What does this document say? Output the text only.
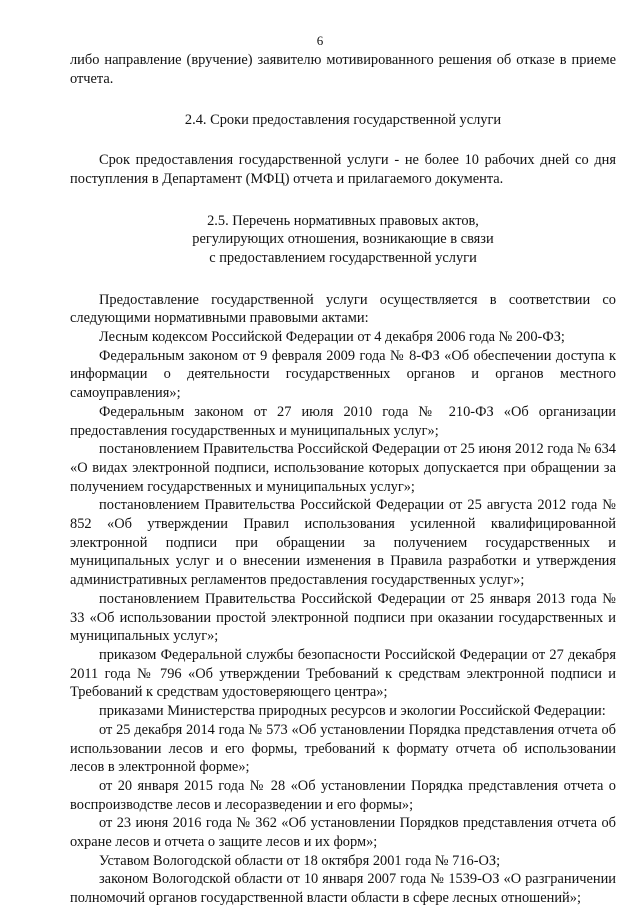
6

либо направление (вручение) заявителю мотивированного решения об отказе в приеме отчета.

2.4. Сроки предоставления государственной услуги

Срок предоставления государственной услуги - не более 10 рабочих дней со дня поступления в Департамент (МФЦ) отчета и прилагаемого документа.

2.5. Перечень нормативных правовых актов,

регулирующих отношения, возникающие в связи

с предоставлением государственной услуги

Предоставление государственной услуги осуществляется в соответствии со следующими нормативными правовыми актами:

Лесным кодексом Российской Федерации от 4 декабря 2006 года № 200-ФЗ;

Федеральным законом от 9 февраля 2009 года № 8-ФЗ «Об обеспечении доступа к информации о деятельности государственных органов и органов местного самоуправления»;

Федеральным законом от 27 июля 2010 года № 210-ФЗ «Об организации предоставления государственных и муниципальных услуг»;

постановлением Правительства Российской Федерации от 25 июня 2012 года № 634 «О видах электронной подписи, использование которых допускается при обращении за получением государственных и муниципальных услуг»;

постановлением Правительства Российской Федерации от 25 августа 2012 года № 852 «Об утверждении Правил использования усиленной квалифицированной электронной подписи при обращении за получением государственных и муниципальных услуг и о внесении изменения в Правила разработки и утверждения административных регламентов предоставления государственных услуг»;

постановлением Правительства Российской Федерации от 25 января 2013 года № 33 «Об использовании простой электронной подписи при оказании государственных и муниципальных услуг»;

приказом Федеральной службы безопасности Российской Федерации от 27 декабря 2011 года № 796 «Об утверждении Требований к средствам электронной подписи и Требований к средствам удостоверяющего центра»;

приказами Министерства природных ресурсов и экологии Российской Федерации:

от 25 декабря 2014 года № 573 «Об установлении Порядка представления отчета об использовании лесов и его формы, требований к формату отчета об использовании лесов в электронной форме»;

от 20 января 2015 года № 28 «Об установлении Порядка представления отчета о воспроизводстве лесов и лесоразведении и его формы»;

от 23 июня 2016 года № 362 «Об установлении Порядков представления отчета об охране лесов и отчета о защите лесов и их форм»;

Уставом Вологодской области от 18 октября 2001 года № 716-ОЗ;

законом Вологодской области от 10 января 2007 года № 1539-ОЗ «О разграничении полномочий органов государственной власти области в сфере лесных отношений»;
